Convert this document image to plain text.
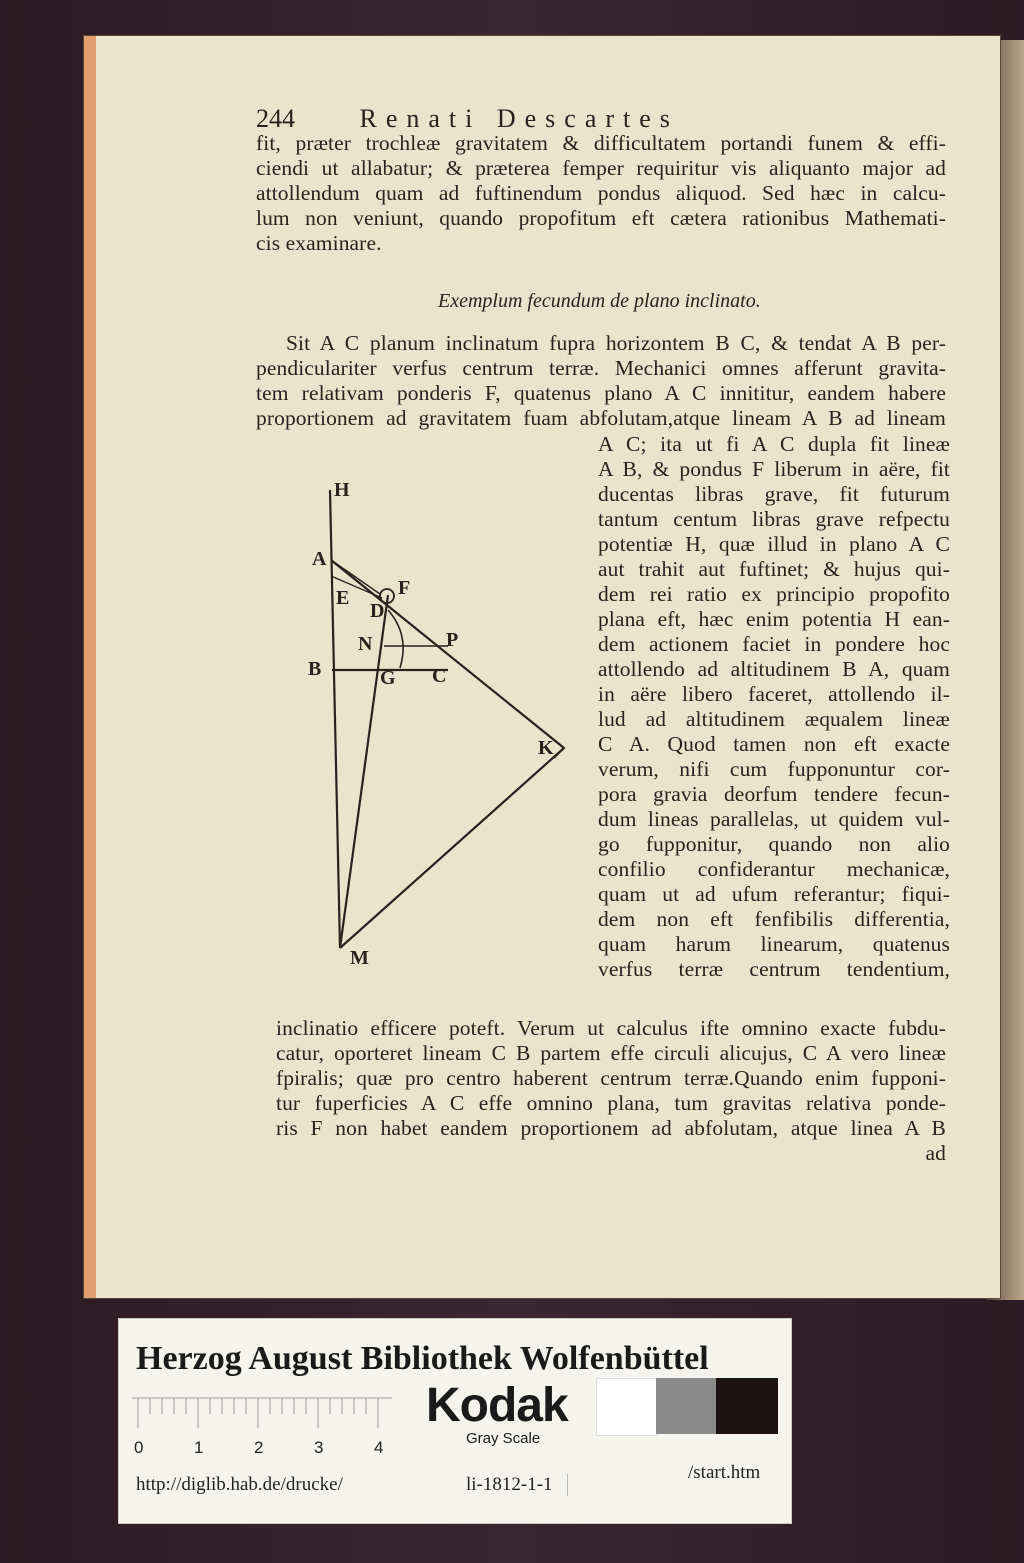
244 Renati Descartes
fit, præter trochleæ gravitatem & difficultatem portandi funem & effi-
ciendi ut allabatur; & præterea femper requiritur vis aliquanto major ad
attollendum quam ad fuftinendum pondus aliquod. Sed hæc in calcu-
lum non veniunt, quando propofitum eft cætera rationibus Mathemati-
cis examinare.
Exemplum fecundum de plano inclinato.
Sit A C planum inclinatum fupra horizontem B C, & tendat A B per-
pendiculariter verfus centrum terræ. Mechanici omnes afferunt gravita-
tem relativam ponderis F, quatenus plano A C innititur, eandem habere
proportionem ad gravitatem fuam abfolutam,atque lineam A B ad lineam
H
A
E
D
F
N	P
B	G C
K
M
A C; ita ut fi A C dupla fit lineæ
A B, & pondus F liberum in aëre, fit
ducentas libras grave, fit futurum
tantum centum libras grave refpectu
potentiæ H, quæ illud in plano A C
aut trahit aut fuftinet; & hujus qui-
dem rei ratio ex principio propofito
plana eft, hæc enim potentia H ean-
dem actionem faciet in pondere hoc
attollendo ad altitudinem B A, quam
in aëre libero faceret, attollendo il-
lud ad altitudinem æqualem lineæ
C A. Quod tamen non eft exacte
verum, nifi cum fupponuntur cor-
pora gravia deorfum tendere fecun-
dum lineas parallelas, ut quidem vul-
go fupponitur, quando non alio
confilio confiderantur mechanicæ,
quam ut ad ufum referantur; fiqui-
dem non eft fenfibilis differentia,
quam harum linearum, quatenus
verfus terræ centrum tendentium,
inclinatio efficere poteft. Verum ut calculus ifte omnino exacte fubdu-
catur, oporteret lineam C B partem effe circuli alicujus, C A vero lineæ
fpiralis; quæ pro centro haberent centrum terræ.Quando enim fupponi-
tur fuperficies A C effe omnino plana, tum gravitas relativa ponde-
ris F non habet eandem proportionem ad abfolutam, atque linea A B
ad
Herzog August Bibliothek Wolfenbüttel
0	1	2	3	4
Kodak
Gray Scale
http://diglib.hab.de/drucke/	li-1812-1-1
/start.htm
